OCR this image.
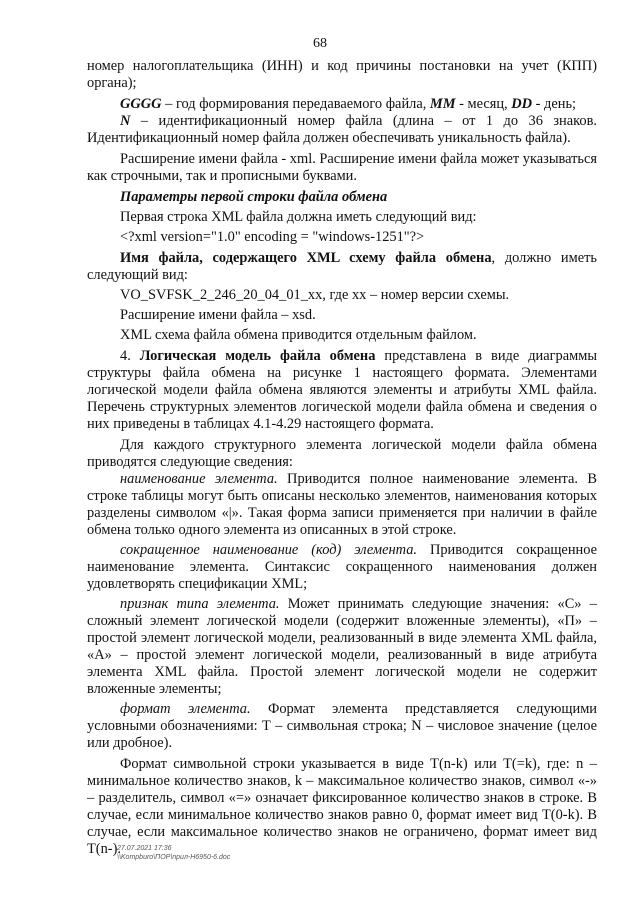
68

номер налогоплательщика (ИНН) и код причины постановки на учет (КПП) органа);

GGGG – год формирования передаваемого файла, MM - месяц, DD - день;

N – идентификационный номер файла (длина – от 1 до 36 знаков. Идентификационный номер файла должен обеспечивать уникальность файла).

Расширение имени файла - xml. Расширение имени файла может указываться как строчными, так и прописными буквами.

Параметры первой строки файла обмена

Первая строка XML файла должна иметь следующий вид:

<?xml version="1.0" encoding = "windows-1251"?>

Имя файла, содержащего XML схему файла обмена, должно иметь следующий вид:

VO_SVFSK_2_246_20_04_01_xx, где хх – номер версии схемы.

Расширение имени файла – xsd.

XML схема файла обмена приводится отдельным файлом.

4. Логическая модель файла обмена представлена в виде диаграммы структуры файла обмена на рисунке 1 настоящего формата. Элементами логической модели файла обмена являются элементы и атрибуты XML файла. Перечень структурных элементов логической модели файла обмена и сведения о них приведены в таблицах 4.1-4.29 настоящего формата.

Для каждого структурного элемента логической модели файла обмена приводятся следующие сведения:

наименование элемента. Приводится полное наименование элемента. В строке таблицы могут быть описаны несколько элементов, наименования которых разделены символом «|». Такая форма записи применяется при наличии в файле обмена только одного элемента из описанных в этой строке.

сокращенное наименование (код) элемента. Приводится сокращенное наименование элемента. Синтаксис сокращенного наименования должен удовлетворять спецификации XML;

признак типа элемента. Может принимать следующие значения: «С» – сложный элемент логической модели (содержит вложенные элементы), «П» – простой элемент логической модели, реализованный в виде элемента XML файла, «А» – простой элемент логической модели, реализованный в виде атрибута элемента XML файла. Простой элемент логической модели не содержит вложенные элементы;

формат элемента. Формат элемента представляется следующими условными обозначениями: Т – символьная строка; N – числовое значение (целое или дробное).

Формат символьной строки указывается в виде Т(n-k) или Т(=k), где: n – минимальное количество знаков, k – максимальное количество знаков, символ «-» – разделитель, символ «=» означает фиксированное количество знаков в строке. В случае, если минимальное количество знаков равно 0, формат имеет вид Т(0-k). В случае, если максимальное количество знаков не ограничено, формат имеет вид Т(n-).

27.07.2021 17:36
\\Kompburo\ПОР\nрил-Н6950-6.doc
